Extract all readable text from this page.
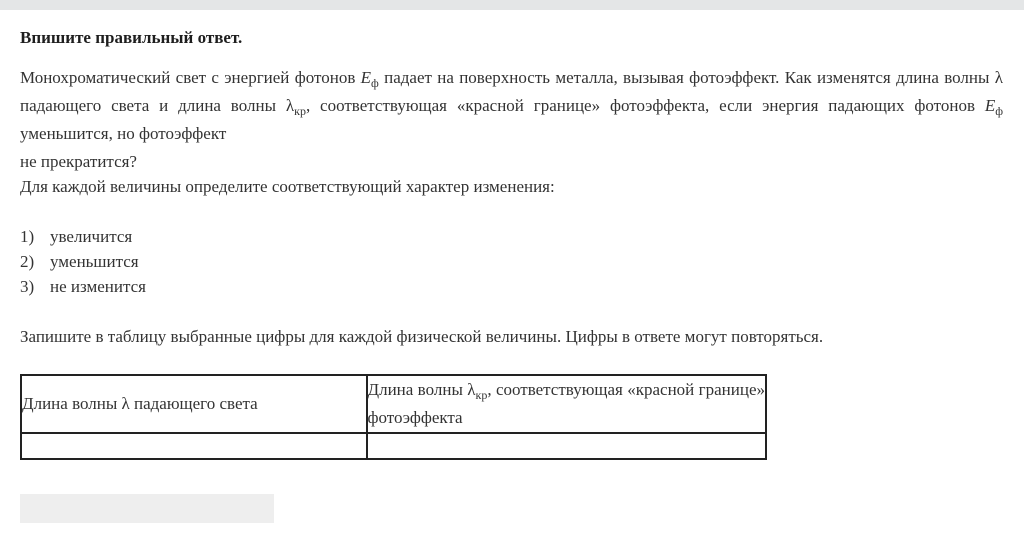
Впишите правильный ответ.
Монохроматический свет с энергией фотонов $E_ф$ падает на поверхность металла, вызывая фотоэффект. Как изменятся длина волны λ падающего света и длина волны $\lambda_{кр}$, соответствующая «красной границе» фотоэффекта, если энергия падающих фотонов $E_ф$ уменьшится, но фотоэффект
не прекратится?
Для каждой величины определите соответствующий характер изменения:
1) увеличится
2) уменьшится
3) не изменится
Запишите в таблицу выбранные цифры для каждой физической величины. Цифры в ответе могут повторяться.
Длина волны λ падающего света	Длина волны $\lambda_{кр}$, соответствующая «красной границе» фотоэффекта
